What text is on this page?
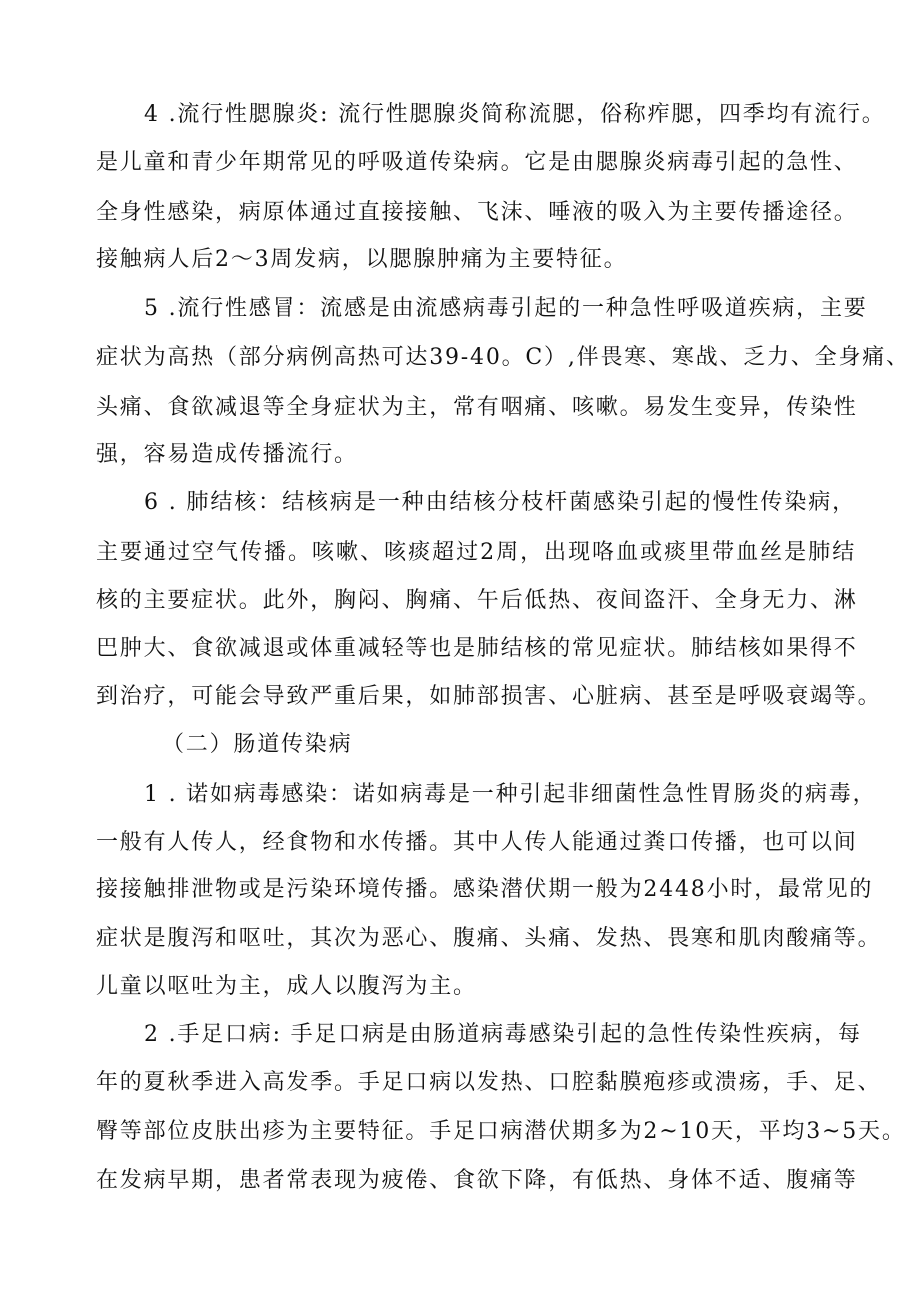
4 .流行性腮腺炎: 流行性腮腺炎简称流腮，俗称痄腮，四季均有流行。
是儿童和青少年期常见的呼吸道传染病。它是由腮腺炎病毒引起的急性、
全身性感染，病原体通过直接接触、飞沫、唾液的吸入为主要传播途径。
接触病人后2〜3周发病，以腮腺肿痛为主要特征。
5 .流行性感冒：流感是由流感病毒引起的一种急性呼吸道疾病，主要
症状为高热（部分病例高热可达39-40。C）,伴畏寒、寒战、乏力、全身痛、
头痛、食欲减退等全身症状为主，常有咽痛、咳嗽。易发生变异，传染性
强，容易造成传播流行。
6 . 肺结核：结核病是一种由结核分枝杆菌感染引起的慢性传染病，
主要通过空气传播。咳嗽、咳痰超过2周，出现咯血或痰里带血丝是肺结
核的主要症状。此外，胸闷、胸痛、午后低热、夜间盗汗、全身无力、淋
巴肿大、食欲减退或体重减轻等也是肺结核的常见症状。肺结核如果得不
到治疗，可能会导致严重后果，如肺部损害、心脏病、甚至是呼吸衰竭等。
（二）肠道传染病
1 . 诺如病毒感染：诺如病毒是一种引起非细菌性急性胃肠炎的病毒，
一般有人传人，经食物和水传播。其中人传人能通过粪口传播，也可以间
接接触排泄物或是污染环境传播。感染潜伏期一般为2448小时，最常见的
症状是腹泻和呕吐，其次为恶心、腹痛、头痛、发热、畏寒和肌肉酸痛等。
儿童以呕吐为主，成人以腹泻为主。
2 .手足口病: 手足口病是由肠道病毒感染引起的急性传染性疾病，每
年的夏秋季进入高发季。手足口病以发热、口腔黏膜疱疹或溃疡，手、足、
臀等部位皮肤出疹为主要特征。手足口病潜伏期多为2~10天，平均3~5天。
在发病早期，患者常表现为疲倦、食欲下降，有低热、身体不适、腹痛等
